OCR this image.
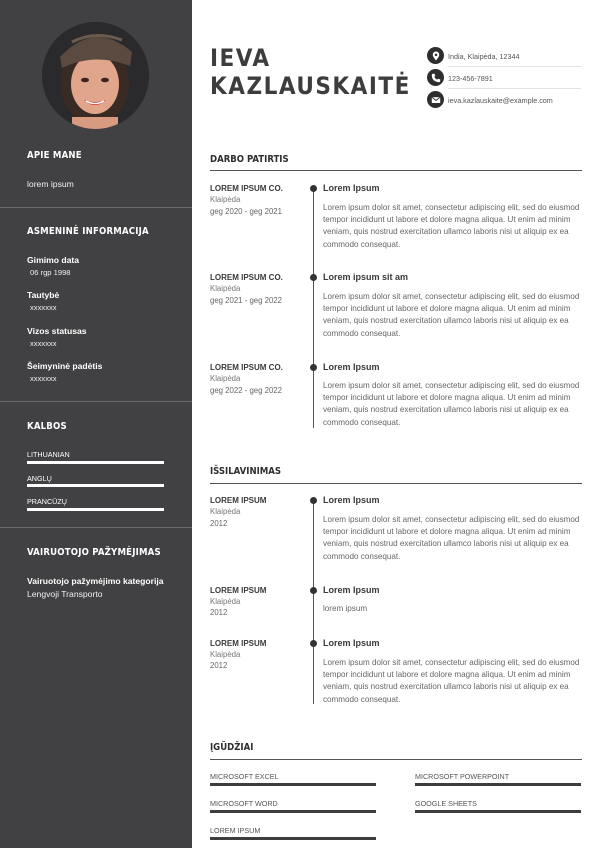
APIE MANE
lorem ipsum
ASMENINĖ INFORMACIJA
Gimimo data
06 rgp 1998
Tautybė
xxxxxxx
Vizos statusas
xxxxxxx
Šeimyninė padėtis
xxxxxxx
KALBOS
LITHUANIAN
ANGLŲ
PRANCŪZŲ
VAIRUOTOJO PAŽYMĖJIMAS
Vairuotojo pažymėjimo kategorija
Lengvoji Transporto
IEVA
KAZLAUSKAITĖ
India, Klaipėda, 12344
123-456-7891
ieva.kazlauskaite@example.com
DARBO PATIRTIS
LOREM IPSUM CO.
Klaipėda
geg 2020 - geg 2021
Lorem Ipsum
Lorem ipsum dolor sit amet, consectetur adipiscing elit, sed do eiusmod tempor incididunt ut labore et dolore magna aliqua. Ut enim ad minim veniam, quis nostrud exercitation ullamco laboris nisi ut aliquip ex ea commodo consequat.
LOREM IPSUM CO.
Klaipėda
geg 2021 - geg 2022
Lorem ipsum sit am
Lorem ipsum dolor sit amet, consectetur adipiscing elit, sed do eiusmod tempor incididunt ut labore et dolore magna aliqua. Ut enim ad minim veniam, quis nostrud exercitation ullamco laboris nisi ut aliquip ex ea commodo consequat.
LOREM IPSUM CO.
Klaipėda
geg 2022 - geg 2022
Lorem Ipsum
Lorem ipsum dolor sit amet, consectetur adipiscing elit, sed do eiusmod tempor incididunt ut labore et dolore magna aliqua. Ut enim ad minim veniam, quis nostrud exercitation ullamco laboris nisi ut aliquip ex ea commodo consequat.
IŠSILAVINIMAS
LOREM IPSUM
Klaipėda
2012
Lorem Ipsum
Lorem ipsum dolor sit amet, consectetur adipiscing elit, sed do eiusmod tempor incididunt ut labore et dolore magna aliqua. Ut enim ad minim veniam, quis nostrud exercitation ullamco laboris nisi ut aliquip ex ea commodo consequat.
LOREM IPSUM
Klaipėda
2012
Lorem Ipsum
lorem ipsum
LOREM IPSUM
Klaipėda
2012
Lorem Ipsum
Lorem ipsum dolor sit amet, consectetur adipiscing elit, sed do eiusmod tempor incididunt ut labore et dolore magna aliqua. Ut enim ad minim veniam, quis nostrud exercitation ullamco laboris nisi ut aliquip ex ea commodo consequat.
ĮGŪDŽIAI
MICROSOFT EXCEL	MICROSOFT POWERPOINT
MICROSOFT WORD	GOOGLE SHEETS
LOREM IPSUM
